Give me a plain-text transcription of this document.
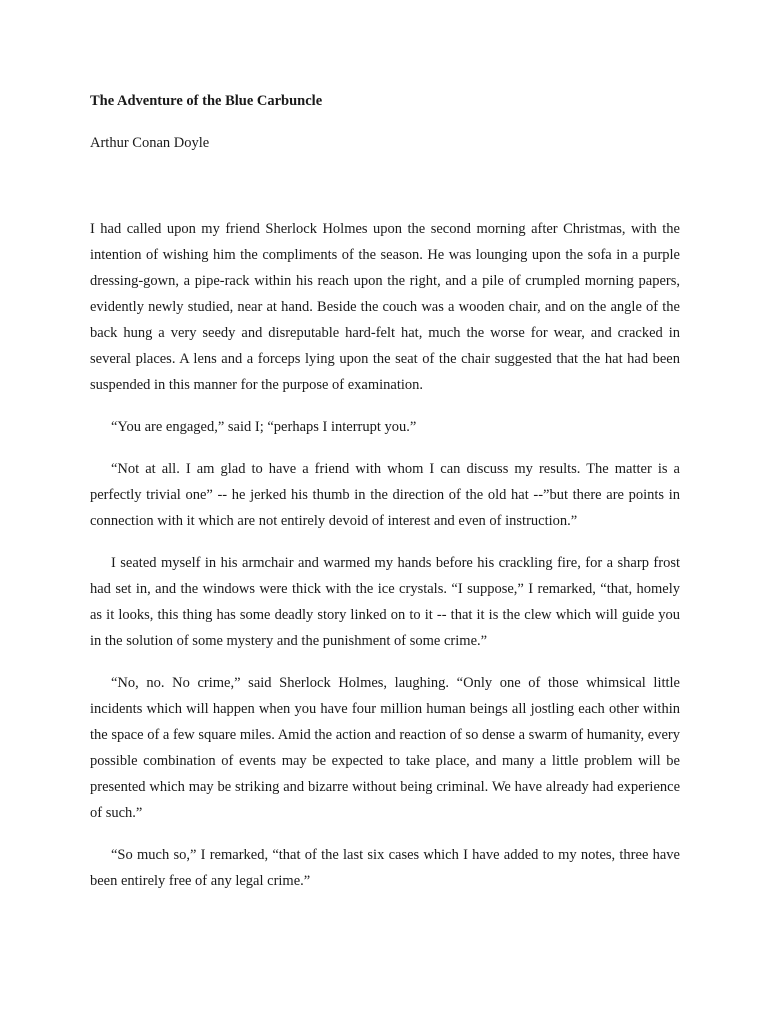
The Adventure of the Blue Carbuncle

Arthur Conan Doyle

I had called upon my friend Sherlock Holmes upon the second morning after Christmas, with the intention of wishing him the compliments of the season. He was lounging upon the sofa in a purple dressing-gown, a pipe-rack within his reach upon the right, and a pile of crumpled morning papers, evidently newly studied, near at hand. Beside the couch was a wooden chair, and on the angle of the back hung a very seedy and disreputable hard-felt hat, much the worse for wear, and cracked in several places. A lens and a forceps lying upon the seat of the chair suggested that the hat had been suspended in this manner for the purpose of examination.

“You are engaged,” said I; “perhaps I interrupt you.”

“Not at all. I am glad to have a friend with whom I can discuss my results. The matter is a perfectly trivial one” -- he jerked his thumb in the direction of the old hat --”but there are points in connection with it which are not entirely devoid of interest and even of instruction.”

I seated myself in his armchair and warmed my hands before his crackling fire, for a sharp frost had set in, and the windows were thick with the ice crystals. “I suppose,” I remarked, “that, homely as it looks, this thing has some deadly story linked on to it -- that it is the clew which will guide you in the solution of some mystery and the punishment of some crime.”

“No, no. No crime,” said Sherlock Holmes, laughing. “Only one of those whimsical little incidents which will happen when you have four million human beings all jostling each other within the space of a few square miles. Amid the action and reaction of so dense a swarm of humanity, every possible combination of events may be expected to take place, and many a little problem will be presented which may be striking and bizarre without being criminal. We have already had experience of such.”

“So much so,” I remarked, “that of the last six cases which I have added to my notes, three have been entirely free of any legal crime.”
